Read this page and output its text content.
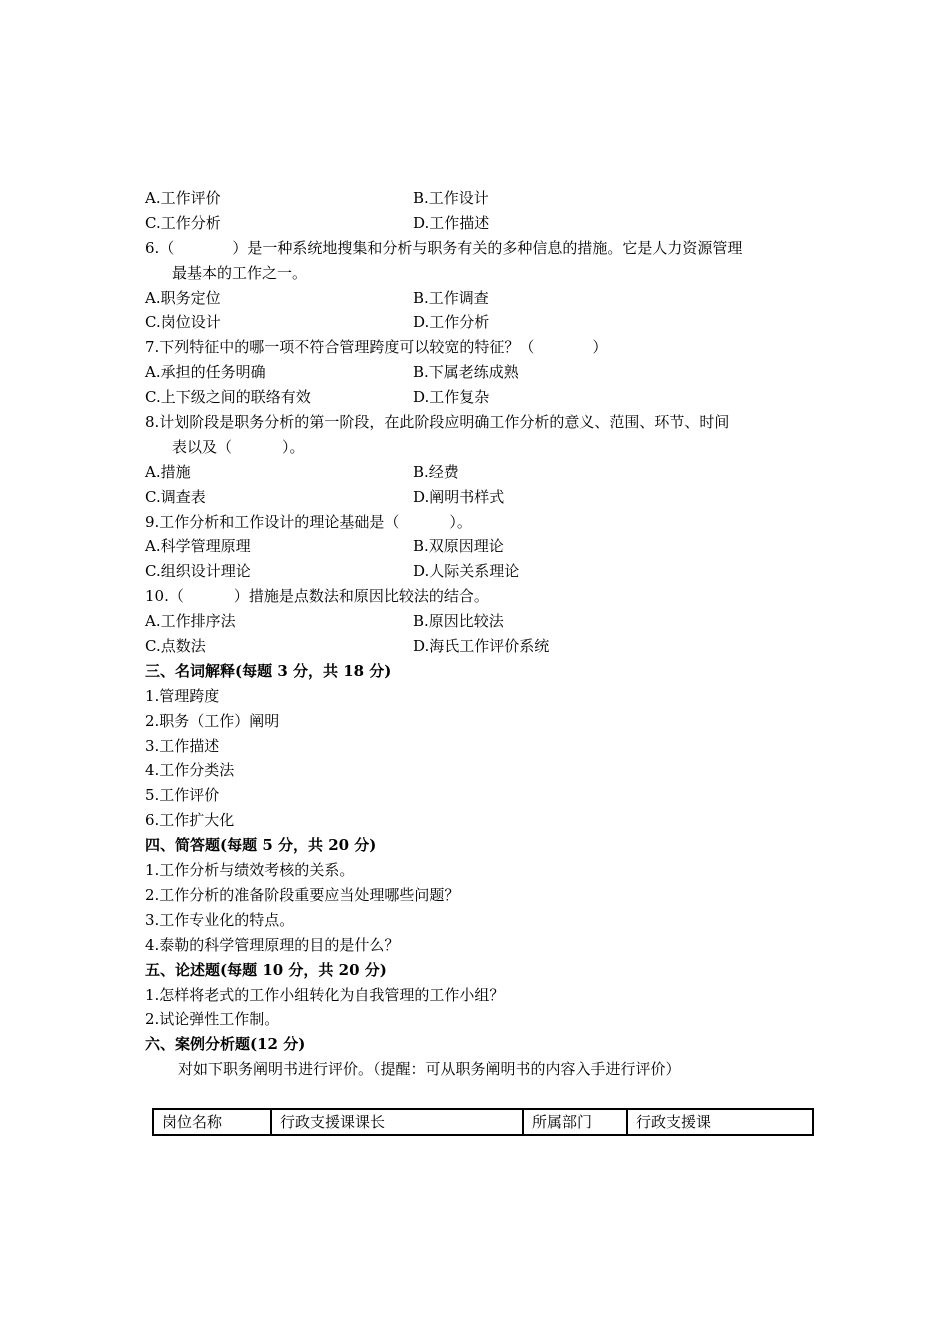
A.工作评价	B.工作设计
C.工作分析	D.工作描述
6.（	）是一种系统地搜集和分析与职务有关的多种信息的措施。它是人力资源管理
最基本的工作之一。
A.职务定位	B.工作调查
C.岗位设计	D.工作分析
7.下列特征中的哪一项不符合管理跨度可以较宽的特征？（	）
A.承担的任务明确	B.下属老练成熟
C.上下级之间的联络有效	D.工作复杂
8.计划阶段是职务分析的第一阶段，在此阶段应明确工作分析的意义、范围、环节、时间
表以及（	）。
A.措施	B.经费
C.调查表	D.阐明书样式
9.工作分析和工作设计的理论基础是（	）。
A.科学管理原理	B.双原因理论
C.组织设计理论	D.人际关系理论
10.（	）措施是点数法和原因比较法的结合。
A.工作排序法	B.原因比较法
C.点数法	D.海氏工作评价系统
三、名词解释(每题 3 分，共 18 分)
1.管理跨度
2.职务（工作）阐明
3.工作描述
4.工作分类法
5.工作评价
6.工作扩大化
四、简答题(每题 5 分，共 20 分)
1.工作分析与绩效考核的关系。
2.工作分析的准备阶段重要应当处理哪些问题？
3.工作专业化的特点。
4.泰勒的科学管理原理的目的是什么？
五、论述题(每题 10 分，共 20 分)
1.怎样将老式的工作小组转化为自我管理的工作小组？
2.试论弹性工作制。
六、案例分析题(12 分)
对如下职务阐明书进行评价。（提醒：可从职务阐明书的内容入手进行评价）
岗位名称	行政支援课课长	所属部门	行政支援课
